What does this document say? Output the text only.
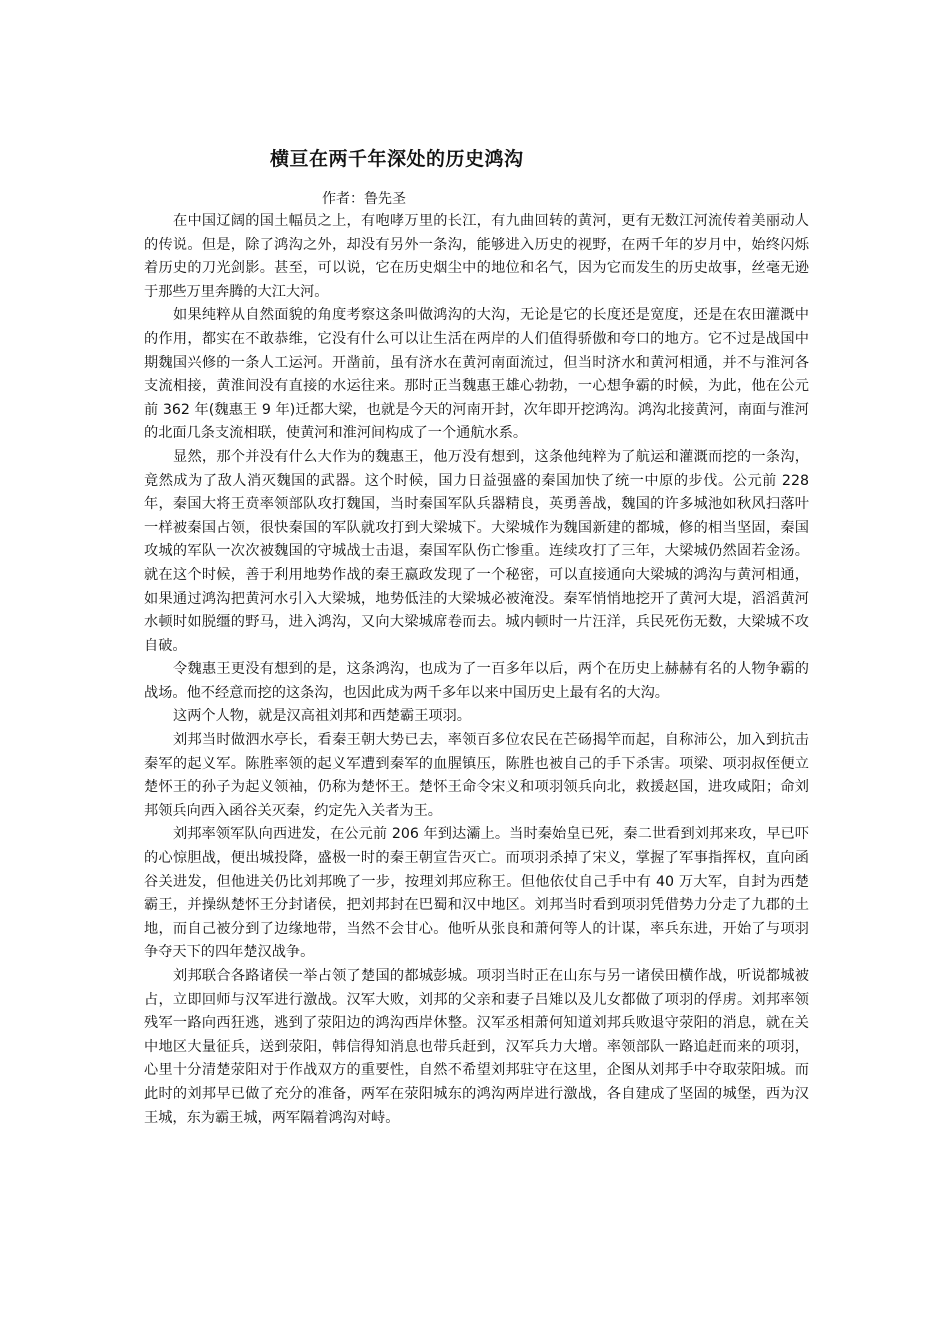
横亘在两千年深处的历史鸿沟
作者：鲁先圣

在中国辽阔的国土幅员之上，有咆哮万里的长江，有九曲回转的黄河，更有无数江河流传着美丽动人的传说。但是，除了鸿沟之外，却没有另外一条沟，能够进入历史的视野，在两千年的岁月中，始终闪烁着历史的刀光剑影。甚至，可以说，它在历史烟尘中的地位和名气，因为它而发生的历史故事，丝毫无逊于那些万里奔腾的大江大河。

如果纯粹从自然面貌的角度考察这条叫做鸿沟的大沟，无论是它的长度还是宽度，还是在农田灌溉中的作用，都实在不敢恭维，它没有什么可以让生活在两岸的人们值得骄傲和夸口的地方。它不过是战国中期魏国兴修的一条人工运河。开凿前，虽有济水在黄河南面流过，但当时济水和黄河相通，并不与淮河各支流相接，黄淮间没有直接的水运往来。那时正当魏惠王雄心勃勃，一心想争霸的时候，为此，他在公元前 362 年(魏惠王 9 年)迁都大梁，也就是今天的河南开封，次年即开挖鸿沟。鸿沟北接黄河，南面与淮河的北面几条支流相联，使黄河和淮河间构成了一个通航水系。

显然，那个并没有什么大作为的魏惠王，他万没有想到，这条他纯粹为了航运和灌溉而挖的一条沟，竟然成为了敌人消灭魏国的武器。这个时候，国力日益强盛的秦国加快了统一中原的步伐。公元前 228 年，秦国大将王贲率领部队攻打魏国，当时秦国军队兵器精良，英勇善战，魏国的许多城池如秋风扫落叶一样被秦国占领，很快秦国的军队就攻打到大梁城下。大梁城作为魏国新建的都城，修的相当坚固，秦国攻城的军队一次次被魏国的守城战士击退，秦国军队伤亡惨重。连续攻打了三年，大梁城仍然固若金汤。就在这个时候，善于利用地势作战的秦王嬴政发现了一个秘密，可以直接通向大梁城的鸿沟与黄河相通，如果通过鸿沟把黄河水引入大梁城，地势低洼的大梁城必被淹没。秦军悄悄地挖开了黄河大堤，滔滔黄河水顿时如脱缰的野马，进入鸿沟，又向大梁城席卷而去。城内顿时一片汪洋，兵民死伤无数，大梁城不攻自破。

令魏惠王更没有想到的是，这条鸿沟，也成为了一百多年以后，两个在历史上赫赫有名的人物争霸的战场。他不经意而挖的这条沟，也因此成为两千多年以来中国历史上最有名的大沟。

这两个人物，就是汉高祖刘邦和西楚霸王项羽。

刘邦当时做泗水亭长，看秦王朝大势已去，率领百多位农民在芒砀揭竿而起，自称沛公，加入到抗击秦军的起义军。陈胜率领的起义军遭到秦军的血腥镇压，陈胜也被自己的手下杀害。项梁、项羽叔侄便立楚怀王的孙子为起义领袖，仍称为楚怀王。楚怀王命令宋义和项羽领兵向北，救援赵国，进攻咸阳；命刘邦领兵向西入函谷关灭秦，约定先入关者为王。

刘邦率领军队向西进发，在公元前 206 年到达灞上。当时秦始皇已死，秦二世看到刘邦来攻，早已吓的心惊胆战，便出城投降，盛极一时的秦王朝宣告灭亡。而项羽杀掉了宋义，掌握了军事指挥权，直向函谷关进发，但他进关仍比刘邦晚了一步，按理刘邦应称王。但他依仗自己手中有 40 万大军，自封为西楚霸王，并操纵楚怀王分封诸侯，把刘邦封在巴蜀和汉中地区。刘邦当时看到项羽凭借势力分走了九郡的土地，而自己被分到了边缘地带，当然不会甘心。他听从张良和萧何等人的计谋，率兵东进，开始了与项羽争夺天下的四年楚汉战争。

刘邦联合各路诸侯一举占领了楚国的都城彭城。项羽当时正在山东与另一诸侯田横作战，听说都城被占，立即回师与汉军进行激战。汉军大败，刘邦的父亲和妻子吕雉以及儿女都做了项羽的俘虏。刘邦率领残军一路向西狂逃，逃到了荥阳边的鸿沟西岸休整。汉军丞相萧何知道刘邦兵败退守荥阳的消息，就在关中地区大量征兵，送到荥阳，韩信得知消息也带兵赶到，汉军兵力大增。率领部队一路追赶而来的项羽，心里十分清楚荥阳对于作战双方的重要性，自然不希望刘邦驻守在这里，企图从刘邦手中夺取荥阳城。而此时的刘邦早已做了充分的准备，两军在荥阳城东的鸿沟两岸进行激战，各自建成了坚固的城堡，西为汉王城，东为霸王城，两军隔着鸿沟对峙。
